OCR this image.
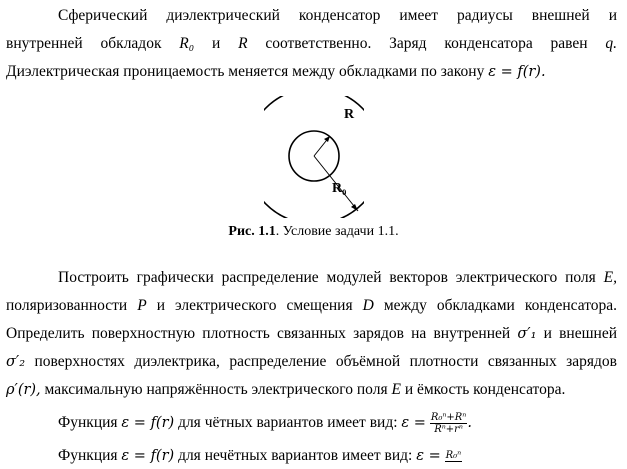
Сферический диэлектрический конденсатор имеет радиусы внешней и
внутренней обкладок R₀ и R соответственно. Заряд конденсатора равен q.
Диэлектрическая проницаемость меняется между обкладками по закону ε = f(r).
R
R₀
Рис. 1.1. Условие задачи 1.1.
Построить графически распределение модулей векторов электрического поля E,
поляризованности P и электрического смещения D между обкладками конденсатора.
Определить поверхностную плотность связанных зарядов на внутренней σ′₁ и внешней
σ′₂ поверхностях диэлектрика, распределение объёмной плотности связанных зарядов
ρ′(r), максимальную напряжённость электрического поля E и ёмкость конденсатора.
Функция ε = f(r) для чётных вариантов имеет вид: $\varepsilon = \frac{\text{R₀ⁿ+Rⁿ}}{\text{Rⁿ+rⁿ}}$ .
Функция ε = f(r) для нечётных вариантов имеет вид: ε = R₀ⁿ
